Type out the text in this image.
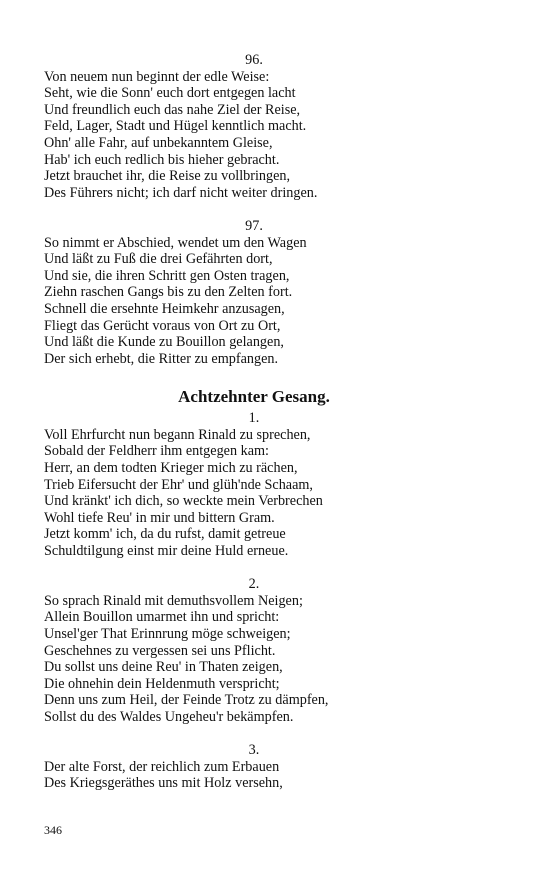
96.
Von neuem nun beginnt der edle Weise:
Seht, wie die Sonn' euch dort entgegen lacht
Und freundlich euch das nahe Ziel der Reise,
Feld, Lager, Stadt und Hügel kenntlich macht.
Ohn' alle Fahr, auf unbekanntem Gleise,
Hab' ich euch redlich bis hieher gebracht.
Jetzt brauchet ihr, die Reise zu vollbringen,
Des Führers nicht; ich darf nicht weiter dringen.
97.
So nimmt er Abschied, wendet um den Wagen
Und läßt zu Fuß die drei Gefährten dort,
Und sie, die ihren Schritt gen Osten tragen,
Ziehn raschen Gangs bis zu den Zelten fort.
Schnell die ersehnte Heimkehr anzusagen,
Fliegt das Gerücht voraus von Ort zu Ort,
Und läßt die Kunde zu Bouillon gelangen,
Der sich erhebt, die Ritter zu empfangen.
Achtzehnter Gesang.
1.
Voll Ehrfurcht nun begann Rinald zu sprechen,
Sobald der Feldherr ihm entgegen kam:
Herr, an dem todten Krieger mich zu rächen,
Trieb Eifersucht der Ehr' und glüh'nde Schaam,
Und kränkt' ich dich, so weckte mein Verbrechen
Wohl tiefe Reu' in mir und bittern Gram.
Jetzt komm' ich, da du rufst, damit getreue
Schuldtilgung einst mir deine Huld erneue.
2.
So sprach Rinald mit demuthsvollem Neigen;
Allein Bouillon umarmet ihn und spricht:
Unsel'ger That Erinnrung möge schweigen;
Geschehnes zu vergessen sei uns Pflicht.
Du sollst uns deine Reu' in Thaten zeigen,
Die ohnehin dein Heldenmuth verspricht;
Denn uns zum Heil, der Feinde Trotz zu dämpfen,
Sollst du des Waldes Ungeheu'r bekämpfen.
3.
Der alte Forst, der reichlich zum Erbauen
Des Kriegsgeräthes uns mit Holz versehn,
346
